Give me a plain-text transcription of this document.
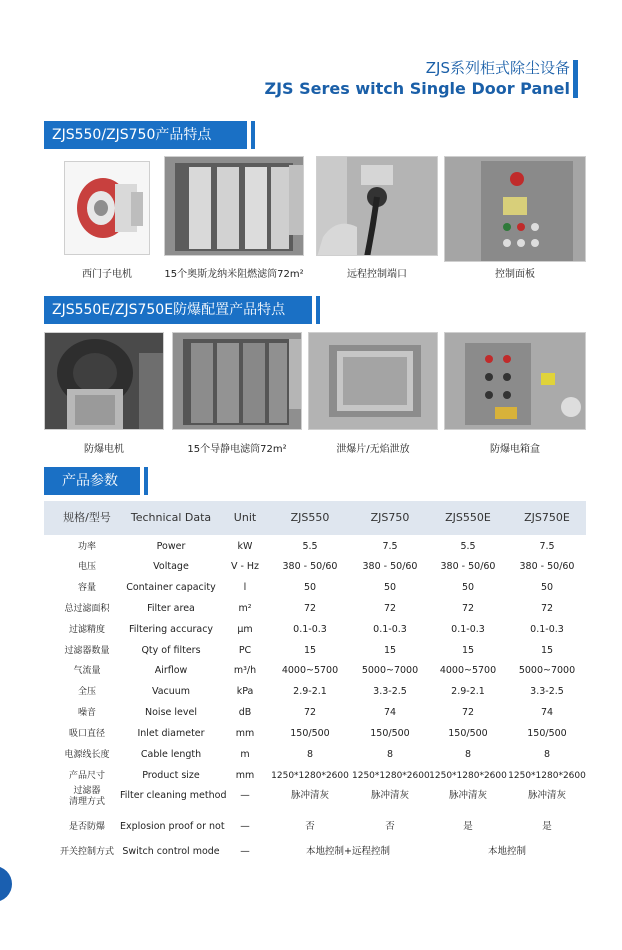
ZJS系列柜式除尘设备
ZJS Seres witch Single Door Panel
ZJS550/ZJS750产品特点
西门子电机	15个奥斯龙纳米阻燃滤筒72m²	远程控制端口	控制面板
ZJS550E/ZJS750E防爆配置产品特点
防爆电机	15个导静电滤筒72m²	泄爆片/无焰泄放	防爆电箱盒
产品参数
规格/型号	Technical Data	Unit	ZJS550	ZJS750	ZJS550E	ZJS750E
功率	Power	kW	5.5	7.5	5.5	7.5
电压	Voltage	V - Hz	380 - 50/60	380 - 50/60	380 - 50/60	380 - 50/60
容量	Container capacity	l	50	50	50	50
总过滤面积	Filter area	m²	72	72	72	72
过滤精度	Filtering accuracy	μm	0.1-0.3	0.1-0.3	0.1-0.3	0.1-0.3
过滤器数量	Qty of filters	PC	15	15	15	15
气流量	Airflow	m³/h	4000~5700	5000~7000	4000~5700	5000~7000
全压	Vacuum	kPa	2.9-2.1	3.3-2.5	2.9-2.1	3.3-2.5
噪音	Noise level	dB	72	74	72	74
吸口直径	Inlet diameter	mm	150/500	150/500	150/500	150/500
电源线长度	Cable length	m	8	8	8	8
产品尺寸	Product size	mm	1250*1280*2600 1250*1280*2600 1250*1280*2600 1250*1280*2600
过滤器
清理方式
Filter cleaning method	—	脉冲清灰	脉冲清灰	脉冲清灰	脉冲清灰
是否防爆	Explosion proof or not	—	否	否	是	是
开关控制方式 Switch control mode	—	本地控制+远程控制	本地控制
